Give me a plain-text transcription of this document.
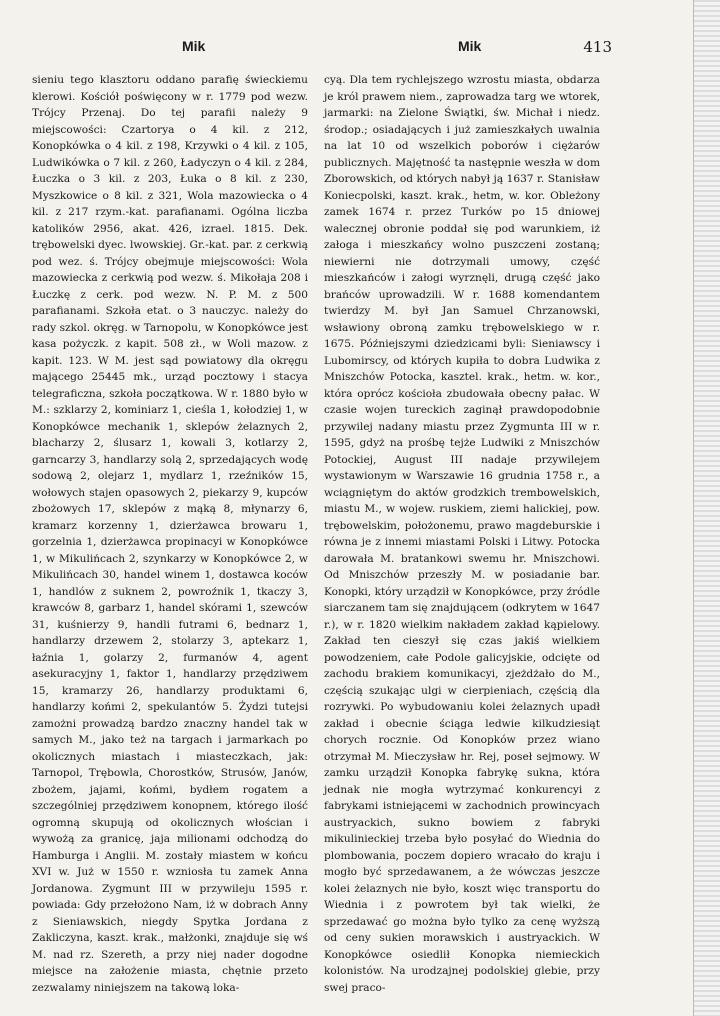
Mik	Mik	413

sieniu tego klasztoru oddano parafię świeckiemu klerowi. Kościół poświęcony w r. 1779 pod wezw. Trójcy Przenaj. Do tej parafii należy 9 miejscowości: Czartorya o 4 kil. z 212, Konopkówka o 4 kil. z 198, Krzywki o 4 kil. z 105, Ludwikówka o 7 kil. z 260, Ładyczyn o 4 kil. z 284, Łuczka o 3 kil. z 203, Łuka o 8 kil. z 230, Myszkowice o 8 kil. z 321, Wola mazowiecka o 4 kil. z 217 rzym.-kat. parafianami. Ogólna liczba katolików 2956, akat. 426, izrael. 1815. Dek. trębowelski dyec. lwowskiej. Gr.-kat. par. z cerkwią pod wez. ś. Trójcy obejmuje miejscowości: Wola mazowiecka z cerkwią pod wezw. ś. Mikołaja 208 i Łuczkę z cerk. pod wezw. N. P. M. z 500 parafianami. Szkoła etat. o 3 nauczyc. należy do rady szkol. okręg. w Tarnopolu, w Konopkówce jest kasa pożyczk. z kapit. 508 zł., w Woli mazow. z kapit. 123. W M. jest sąd powiatowy dla okręgu mającego 25445 mk., urząd pocztowy i stacya telegraficzna, szkoła początkowa. W r. 1880 było w M.: szklarzy 2, kominiarz 1, cieśla 1, kołodziej 1, w Konopkówce mechanik 1, sklepów żelaznych 2, blacharzy 2, ślusarz 1, kowali 3, kotlarzy 2, garncarzy 3, handlarzy solą 2, sprzedających wodę sodową 2, olejarz 1, mydlarz 1, rzeźników 15, wołowych stajen opasowych 2, piekarzy 9, kupców zbożowych 17, sklepów z mąką 8, młynarzy 6, kramarz korzenny 1, dzierżawca browaru 1, gorzelnia 1, dzierżawca propinacyi w Konopkówce 1, w Mikulińcach 2, szynkarzy w Konopkówce 2, w Mikulińcach 30, handel winem 1, dostawca koców 1, handlów z suknem 2, powroźnik 1, tkaczy 3, krawców 8, garbarz 1, handel skórami 1, szewców 31, kuśnierzy 9, handli futrami 6, bednarz 1, handlarzy drzewem 2, stolarzy 3, aptekarz 1, łaźnia 1, golarzy 2, furmanów 4, agent asekuracyjny 1, faktor 1, handlarzy przędziwem 15, kramarzy 26, handlarzy produktami 6, handlarzy końmi 2, spekulantów 5. Żydzi tutejsi zamożni prowadzą bardzo znaczny handel tak w samych M., jako też na targach i jarmarkach po okolicznych miastach i miasteczkach, jak: Tarnopol, Trębowla, Chorostków, Strusów, Janów, zbożem, jajami, końmi, bydłem rogatem a szczególniej przędziwem konopnem, którego ilość ogromną skupują od okolicznych włościan i wywożą za granicę, jaja milionami odchodzą do Hamburga i Anglii. M. zostały miastem w końcu XVI w. Już w 1550 r. wzniosła tu zamek Anna Jordanowa. Zygmunt III w przywileju 1595 r. powiada: Gdy przełożono Nam, iż w dobrach Anny z Sieniawskich, niegdy Spytka Jordana z Zakliczyna, kaszt. krak., małżonki, znajduje się wś M. nad rz. Szereth, a przy niej nader dogodne miejsce na założenie miasta, chętnie przeto zezwalamy niniejszem na takową loka-

cyą. Dla tem rychlejszego wzrostu miasta, obdarza je król prawem niem., zaprowadza targ we wtorek, jarmarki: na Zielone Świątki, św. Michał i niedz. środop.; osiadających i już zamieszkałych uwalnia na lat 10 od wszelkich poborów i ciężarów publicznych. Majętność ta następnie weszła w dom Zborowskich, od których nabył ją 1637 r. Stanisław Koniecpolski, kaszt. krak., hetm, w. kor. Obleżony zamek 1674 r. przez Turków po 15 dniowej walecznej obronie poddał się pod warunkiem, iż załoga i mieszkańcy wolno puszczeni zostaną; niewierni nie dotrzymali umowy, część mieszkańców i załogi wyrznęli, drugą część jako brańców uprowadzili. W r. 1688 komendantem twierdzy M. był Jan Samuel Chrzanowski, wsławiony obroną zamku trębowelskiego w r. 1675. Późniejszymi dziedzicami byli: Sieniawscy i Lubomirscy, od których kupiła to dobra Ludwika z Mniszchów Potocka, kasztel. krak., hetm. w. kor., która oprócz kościoła zbudowała obecny pałac. W czasie wojen tureckich zaginął prawdopodobnie przywilej nadany miastu przez Zygmunta III w r. 1595, gdyż na prośbę tejże Ludwiki z Mniszchów Potockiej, August III nadaje przywilejem wystawionym w Warszawie 16 grudnia 1758 r., a wciągniętym do aktów grodzkich trembowelskich, miastu M., w wojew. ruskiem, ziemi halickiej, pow. trębowelskim, położonemu, prawo magdeburskie i równa je z innemi miastami Polski i Litwy. Potocka darowała M. bratankowi swemu hr. Mniszchowi. Od Mniszchów przeszły M. w posiadanie bar. Konopki, który urządził w Konopkówce, przy źródle siarczanem tam się znajdującem (odkrytem w 1647 r.), w r. 1820 wielkim nakładem zakład kąpielowy. Zakład ten cieszył się czas jakiś wielkiem powodzeniem, całe Podole galicyjskie, odcięte od zachodu brakiem komunikacyi, zjeżdżało do M., częścią szukając ulgi w cierpieniach, częścią dla rozrywki. Po wybudowaniu kolei żelaznych upadł zakład i obecnie ściąga ledwie kilkudziesiąt chorych rocznie. Od Konopków przez wiano otrzymał M. Mieczysław hr. Rej, poseł sejmowy. W zamku urządził Konopka fabrykę sukna, która jednak nie mogła wytrzymać konkurencyi z fabrykami istniejącemi w zachodnich prowincyach austryackich, sukno bowiem z fabryki mikulinieckiej trzeba było posyłać do Wiednia do plombowania, poczem dopiero wracało do kraju i mogło być sprzedawanem, a że wówczas jeszcze kolei żelaznych nie było, koszt więc transportu do Wiednia i z powrotem był tak wielki, że sprzedawać go można było tylko za cenę wyższą od ceny sukien morawskich i austryackich. W Konopkówce osiedlił Konopka niemieckich kolonistów. Na urodzajnej podolskiej glebie, przy swej praco-
